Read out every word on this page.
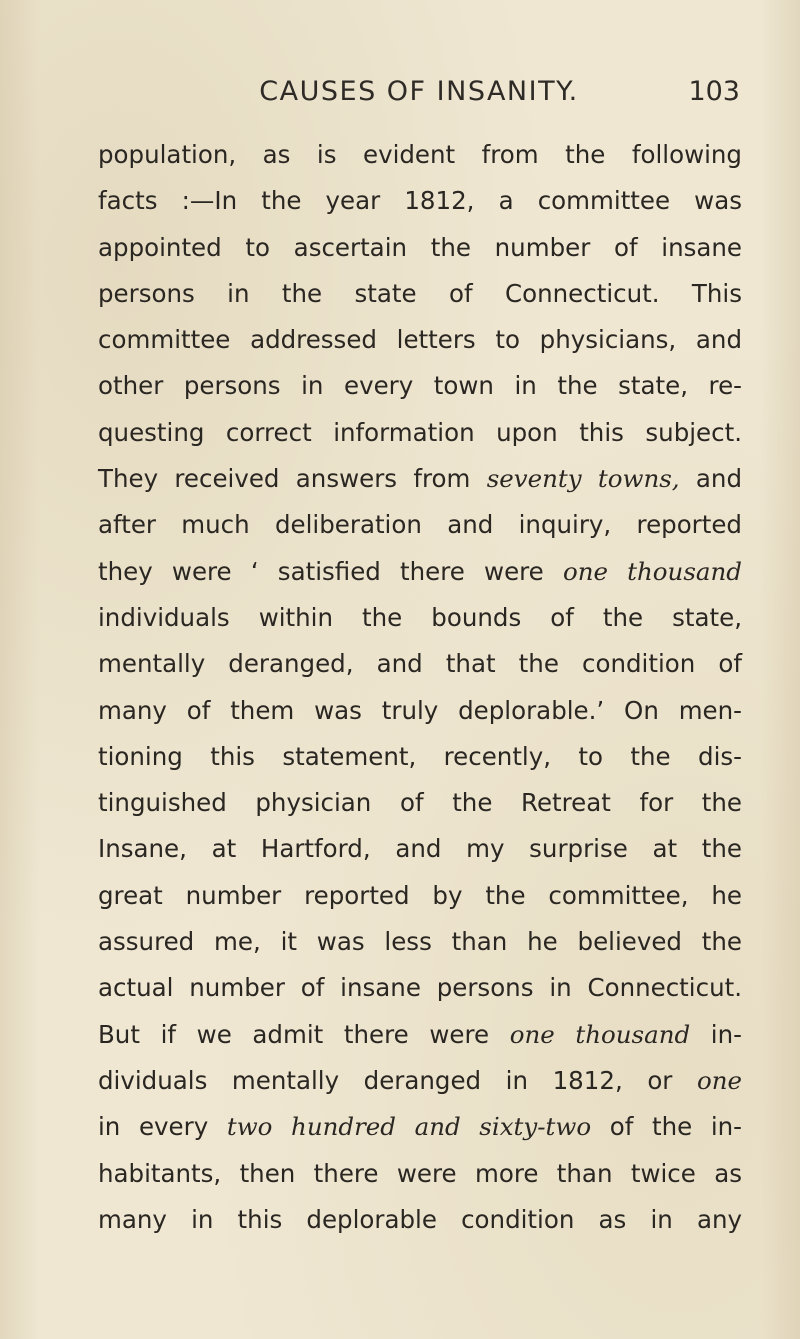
CAUSES OF INSANITY.	103
population, as is evident from the following
facts :—In the year 1812, a committee was
appointed to ascertain the number of insane
persons in the state of Connecticut. This
committee addressed letters to physicians, and
other persons in every town in the state, re-
questing correct information upon this subject.
They received answers from seventy towns, and
after much deliberation and inquiry, reported
they were ‘ satisfied there were one thousand
individuals within the bounds of the state,
mentally deranged, and that the condition of
many of them was truly deplorable.’ On men-
tioning this statement, recently, to the dis-
tinguished physician of the Retreat for the
Insane, at Hartford, and my surprise at the
great number reported by the committee, he
assured me, it was less than he believed the
actual number of insane persons in Connecticut.
But if we admit there were one thousand in-
dividuals mentally deranged in 1812, or one
in every two hundred and sixty-two of the in-
habitants, then there were more than twice as
many in this deplorable condition as in any
